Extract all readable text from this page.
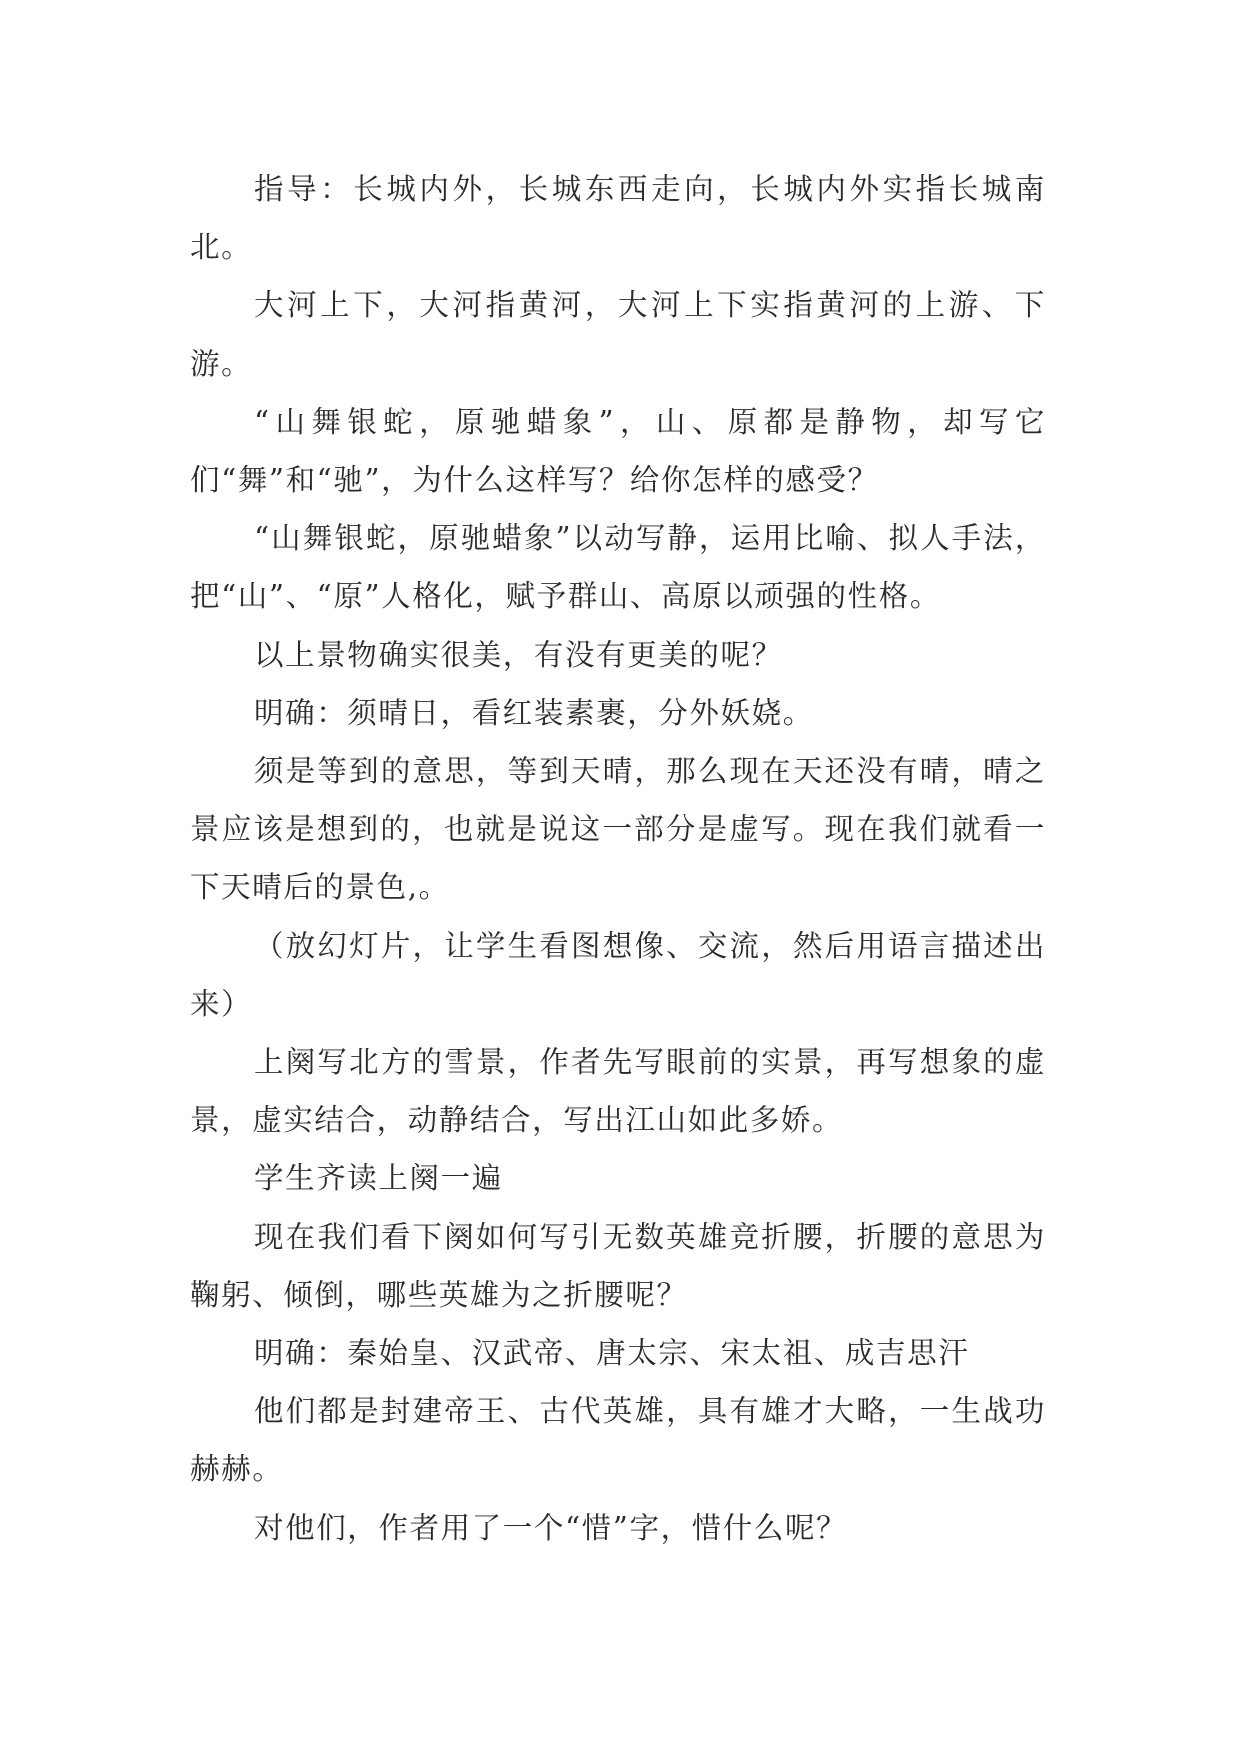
指导：长城内外，长城东西走向，长城内外实指长城南北。

大河上下，大河指黄河，大河上下实指黄河的上游、下游。

“山舞银蛇，原驰蜡象”，山、原都是静物，却写它们“舞”和“驰”，为什么这样写？给你怎样的感受？

“山舞银蛇，原驰蜡象”以动写静，运用比喻、拟人手法，把“山”、“原”人格化，赋予群山、高原以顽强的性格。

以上景物确实很美，有没有更美的呢？

明确：须晴日，看红装素裹，分外妖娆。

须是等到的意思，等到天晴，那么现在天还没有晴，晴之景应该是想到的，也就是说这一部分是虚写。现在我们就看一下天晴后的景色,。

（放幻灯片，让学生看图想像、交流，然后用语言描述出来）

上阕写北方的雪景，作者先写眼前的实景，再写想象的虚景，虚实结合，动静结合，写出江山如此多娇。

学生齐读上阕一遍

现在我们看下阕如何写引无数英雄竞折腰，折腰的意思为鞠躬、倾倒，哪些英雄为之折腰呢？

明确：秦始皇、汉武帝、唐太宗、宋太祖、成吉思汗

他们都是封建帝王、古代英雄，具有雄才大略，一生战功赫赫。

对他们，作者用了一个“惜”字，惜什么呢？
